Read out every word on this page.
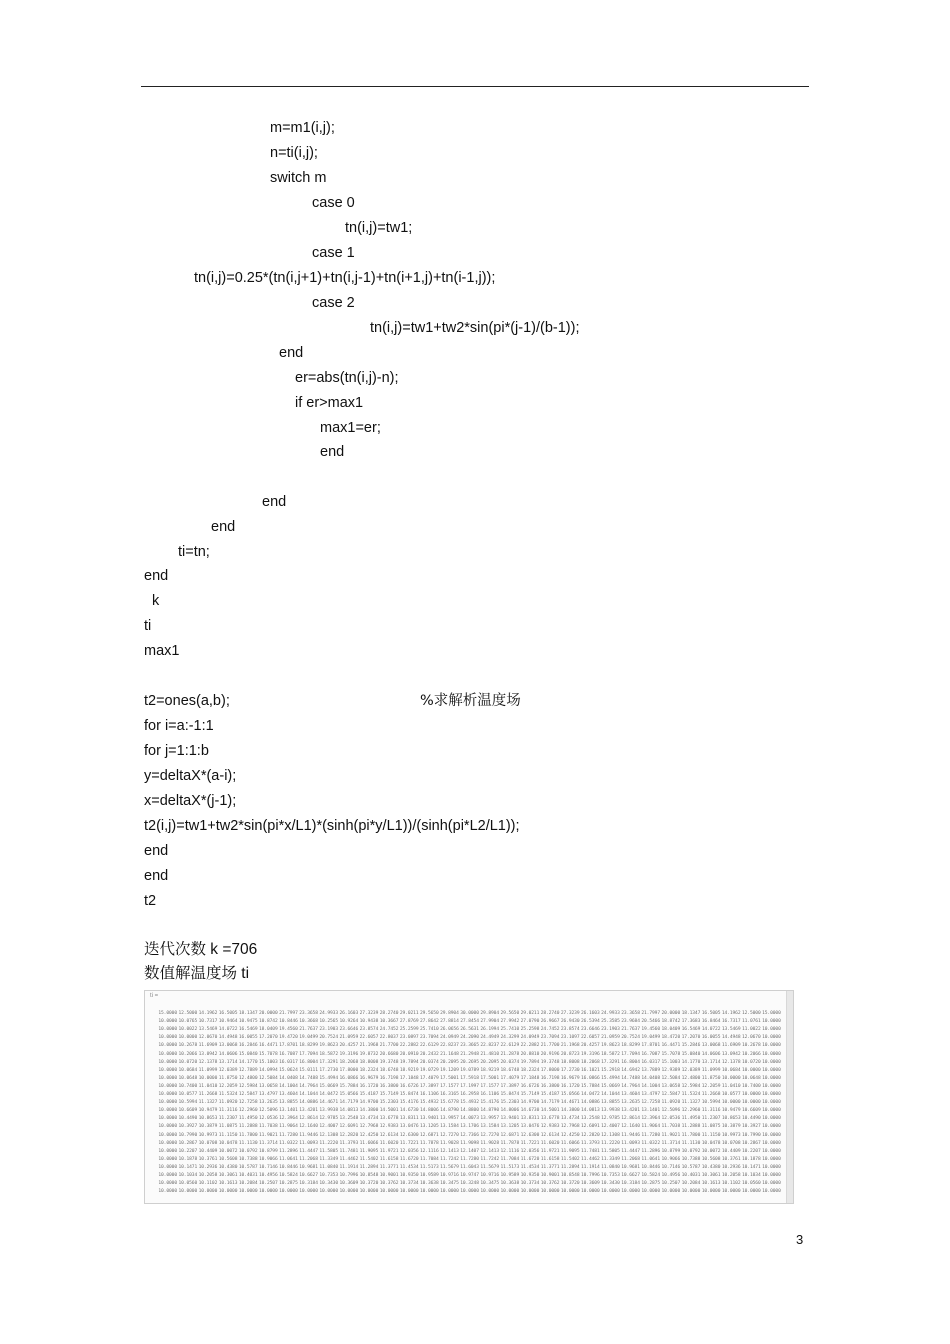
m=m1(i,j);
n=ti(i,j);
switch m
case 0
tn(i,j)=tw1;
case 1
tn(i,j)=0.25*(tn(i,j+1)+tn(i,j-1)+tn(i+1,j)+tn(i-1,j));
case 2
tn(i,j)=tw1+tw2*sin(pi*(j-1)/(b-1));
end
er=abs(tn(i,j)-n);
if er>max1
max1=er;
end
end
end
ti=tn;
end
k
ti
max1
t2=ones(a,b);	%求解析温度场
for i=a:-1:1
for j=1:1:b
y=deltaX*(a-i);
x=deltaX*(j-1);
t2(i,j)=tw1+tw2*sin(pi*x/L1)*(sinh(pi*y/L1))/(sinh(pi*L2/L1));
end
end
t2
迭代次数 k =706
数值解温度场 ti
ti =
15.0000 12.5000 14.1962 16.5005 18.1347 20.0000 21.7997 23.3658 24.9933 26.1603 27.3239 28.2740 29.0211 29.5650 29.8904 30.0000 29.8904 29.5650 29.0211 28.2740 27.3239 26.1603 24.9933 23.3658 21.7997 20.0000 18.1347 16.5005 14.1962 12.5000 15.0000
10.0000 10.0765 10.7317 10.9464 10.9475 10.8742 10.8446 10.3668 10.2565 10.9264 10.9438 10.3667 27.8769 27.8642 27.8814 27.8454 27.9904 27.9942 27.0790 26.9667 26.9430 26.5394 25.3585 23.9684 20.5466 18.8742 17.3683 16.8464 16.7317 11.0761 10.0000
10.0000 10.0022 13.5469 14.0722 16.5469 18.0409 19.4560 21.7637 23.1903 23.6646 23.8574 24.7452 25.2599 25.7410 26.0656 26.5631 26.1994 25.7410 25.2598 24.7452 23.8574 23.6646 23.1903 21.7637 19.4560 18.0409 16.5469 14.0722 13.5469 11.0022 10.0000
10.0000 10.0000 12.0670 14.4948 16.0055 17.2070 19.4720 19.0499 20.7524 21.0959 22.6057 22.8037 23.0897 23.7094 24.0949 24.2090 24.4949 24.3299 24.0949 23.7094 23.1097 22.6057 21.0959 20.7524 19.0499 18.4720 17.2070 16.0055 14.4948 12.0670 10.0000
10.0000 10.2678 11.6909 13.0068 16.2846 16.4471 17.8701 18.8299 19.8623 20.4257 21.1968 21.7700 22.2882 22.6129 22.8237 23.3665 22.8237 22.6129 22.2882 21.7700 21.1968 20.4257 19.8623 18.8299 17.8701 16.4471 15.2846 13.0068 11.6909 10.2678 10.0000
10.0000 10.2066 13.0942 14.0606 15.0840 15.7078 16.7087 17.7094 18.5872 19.3196 19.8732 20.6680 20.0910 20.2432 21.1648 21.2948 21.4810 21.2878 20.8810 20.9196 20.8723 19.3196 18.5872 17.7094 16.7087 15.7078 15.0840 14.0606 13.0942 10.2066 10.0000
10.0000 10.0720 12.1378 13.1714 14.1770 15.1003 16.0317 16.8004 17.3291 18.2068 18.8008 19.3748 19.7894 20.0374 20.2095 20.2695 20.2095 20.0374 19.7894 19.3748 18.8008 18.2068 17.3291 16.8004 16.0317 15.1003 14.1770 13.1714 12.1378 10.0720 10.0000
10.0000 10.0684 11.0999 12.0389 12.7889 14.0994 15.0624 15.0111 17.2730 17.8000 18.2324 18.6748 18.9219 19.0729 19.1209 19.0789 18.9219 18.6748 18.2324 17.8000 17.2730 16.1021 15.2918 14.6942 13.7889 12.9389 12.0389 11.0999 10.0684 10.0000 10.0000
10.0000 10.0648 10.0000 11.8750 12.4800 12.5084 14.0408 14.7488 15.4994 16.0866 16.9679 16.7198 17.1848 17.4079 17.5001 17.5918 17.5001 17.4079 17.1848 16.7198 16.9679 16.0866 15.4994 14.7488 14.0408 12.5084 12.4800 11.8750 10.0000 10.0648 10.0000
10.0000 10.7400 11.0410 12.2059 12.5984 13.0658 14.1004 14.7964 15.0669 15.7884 16.1720 16.3800 16.6726 17.3897 17.1577 17.1997 17.1577 17.3897 16.6726 16.3800 16.1720 15.7884 15.0669 14.7964 14.1004 13.0658 12.5984 12.2059 11.0410 10.7400 10.0000
10.0000 10.0577 11.2668 11.5324 12.5847 13.4797 13.4604 14.1044 14.0472 15.0566 15.4187 15.7149 15.8474 16.1106 16.3165 16.2958 16.1106 15.8474 15.7149 15.4187 15.0566 14.0472 14.1044 13.4604 13.4797 12.5847 11.5324 11.2668 10.0577 10.0000 10.0000
10.0000 10.5994 11.1327 11.0920 12.7258 13.2635 13.8855 14.0886 14.4671 14.7179 14.9700 15.2303 15.4176 15.4932 15.6778 15.4932 15.4176 15.2303 14.9700 14.7179 14.4671 14.0886 13.8855 13.2635 12.7258 11.0920 11.1327 10.5994 10.0000 10.0000 10.0000
10.0000 10.6609 10.9479 11.3116 12.2960 12.5096 13.1401 13.4201 13.9938 14.0813 14.3800 14.5001 14.6730 14.8006 14.8790 14.8800 14.8790 14.8006 14.6730 14.5001 14.3800 14.0813 13.9938 13.4201 13.1401 12.5096 12.2960 11.3116 10.9479 10.6609 10.0000
10.0000 10.4490 10.8653 11.2307 11.4950 12.0536 12.3964 12.8614 12.9785 13.2548 13.4734 13.6778 13.8311 13.9401 13.9957 14.0073 13.9957 13.9401 13.8311 13.6778 13.4734 13.2548 12.9785 12.8614 12.3964 12.0536 11.4950 11.2307 10.8653 10.4490 10.0000
10.0000 10.3927 10.3879 11.0875 11.2888 11.7038 11.9064 12.1640 12.4007 12.6091 12.7968 12.9383 13.0476 13.1205 13.1584 13.1706 13.1584 13.1205 13.0476 12.9383 12.7968 12.6091 12.4007 12.1640 11.9064 11.7038 11.2888 11.0875 10.3879 10.3927 10.0000
10.0000 10.7990 10.9973 11.1150 11.7800 11.9021 11.7280 11.9446 12.1308 12.2820 12.4250 12.6134 12.6300 12.6871 12.7270 12.7366 12.7270 12.6871 12.6300 12.6134 12.4250 12.2820 12.1308 11.9446 11.7280 11.9021 11.7800 11.1150 10.9973 10.7990 10.0000
10.0000 10.2867 10.0708 10.0478 11.1130 11.3714 11.0322 11.0093 11.2220 11.3793 11.6066 11.6020 11.7221 11.7878 11.9028 11.9098 11.9028 11.7878 11.7221 11.6020 11.6066 11.3793 11.2220 11.0093 11.0322 11.3714 11.1130 10.0478 10.0708 10.2867 10.0000
10.0000 10.2207 10.4409 10.0072 10.0792 10.8799 11.2896 11.4447 11.5805 11.7481 11.9095 11.9721 12.0356 12.1116 12.1413 12.1407 12.1413 12.1116 12.0356 11.9721 11.9095 11.7481 11.5805 11.4447 11.2896 10.8799 10.0792 10.0072 10.4409 10.2207 10.0000
10.0000 10.1878 10.3761 10.5608 10.7388 10.9066 11.0641 11.2068 11.3349 11.4462 11.5402 11.6158 11.6720 11.7084 11.7242 11.7280 11.7242 11.7084 11.6720 11.6158 11.5402 11.4462 11.3349 11.2068 11.0641 10.9066 10.7388 10.5608 10.3761 10.1878 10.0000
10.0000 10.1471 10.2936 10.4380 10.5787 10.7146 10.8446 10.9681 11.0840 11.1914 11.2894 11.3771 11.4534 11.5173 11.5679 11.6043 11.5679 11.5173 11.4534 11.3771 11.2894 11.1914 11.0840 10.9681 10.8446 10.7146 10.5787 10.4380 10.2936 10.1471 10.0000
10.0000 10.1034 10.2058 10.3061 10.4031 10.4956 10.5824 10.6627 10.7353 10.7996 10.8548 10.9001 10.9350 10.9589 10.9716 10.9747 10.9716 10.9589 10.9350 10.9001 10.8548 10.7996 10.7353 10.6627 10.5824 10.4956 10.4031 10.3061 10.2058 10.1034 10.0000
10.0000 10.0560 10.1102 10.1613 10.2084 10.2507 10.2875 10.3184 10.3430 10.3609 10.3720 10.3762 10.3734 10.3638 10.3475 10.3248 10.3475 10.3638 10.3734 10.3762 10.3720 10.3609 10.3430 10.3184 10.2875 10.2507 10.2084 10.1613 10.1102 10.0560 10.0000
10.0000 10.0000 10.0000 10.0000 10.0000 10.0000 10.0000 10.0000 10.0000 10.0000 10.0000 10.0000 10.0000 10.0000 10.0000 10.0000 10.0000 10.0000 10.0000 10.0000 10.0000 10.0000 10.0000 10.0000 10.0000 10.0000 10.0000 10.0000 10.0000 10.0000 10.0000
3
